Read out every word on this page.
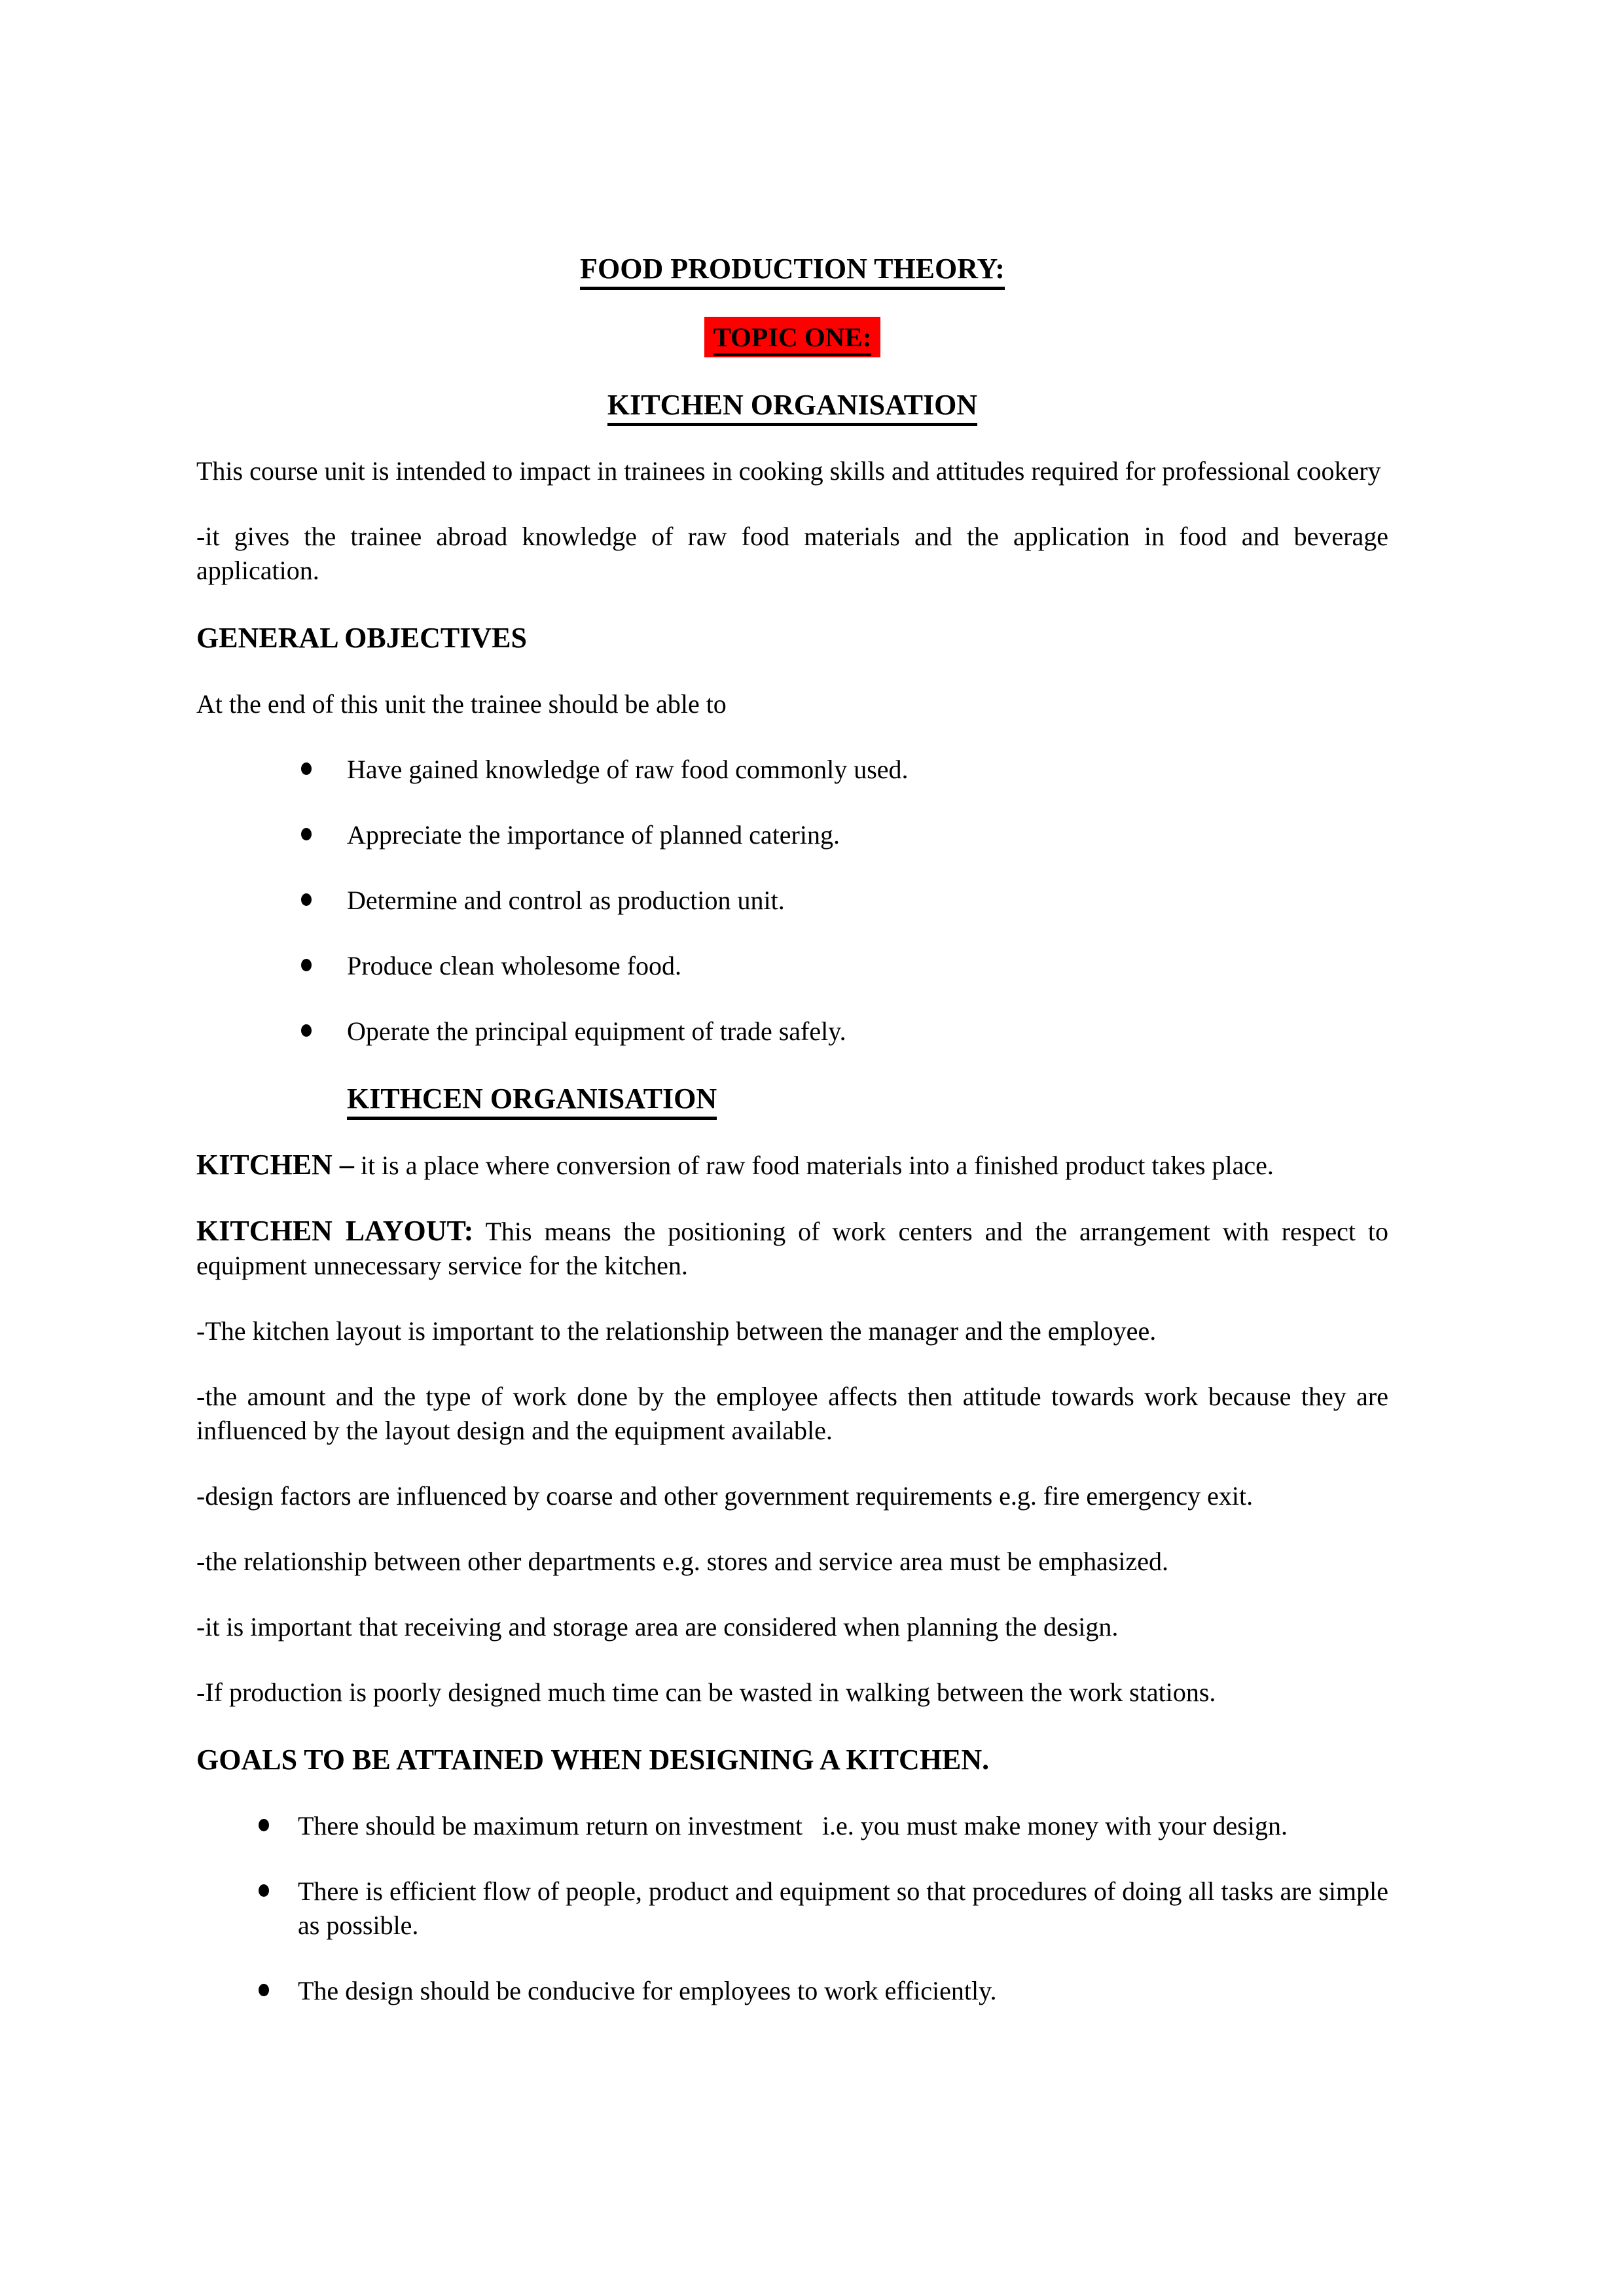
FOOD PRODUCTION THEORY:
TOPIC ONE:
KITCHEN ORGANISATION

This course unit is intended to impact in trainees in cooking skills and attitudes required for professional cookery

-it gives the trainee abroad knowledge of raw food materials and the application in food and beverage application.

GENERAL OBJECTIVES

At the end of this unit the trainee should be able to

Have gained knowledge of raw food commonly used.
Appreciate the importance of planned catering.
Determine and control as production unit.
Produce clean wholesome food.
Operate the principal equipment of trade safely.
KITHCEN ORGANISATION

KITCHEN – it is a place where conversion of raw food materials into a finished product takes place.

KITCHEN LAYOUT: This means the positioning of work centers and the arrangement with respect to equipment unnecessary service for the kitchen.

-The kitchen layout is important to the relationship between the manager and the employee.

-the amount and the type of work done by the employee affects then attitude towards work because they are influenced by the layout design and the equipment available.

-design factors are influenced by coarse and other government requirements e.g. fire emergency exit.

-the relationship between other departments e.g. stores and service area must be emphasized.

-it is important that receiving and storage area are considered when planning the design.

-If production is poorly designed much time can be wasted in walking between the work stations.

GOALS TO BE ATTAINED WHEN DESIGNING A KITCHEN.
There should be maximum return on investment   i.e. you must make money with your design.
There is efficient flow of people, product and equipment so that procedures of doing all tasks are simple as possible.
The design should be conducive for employees to work efficiently.
